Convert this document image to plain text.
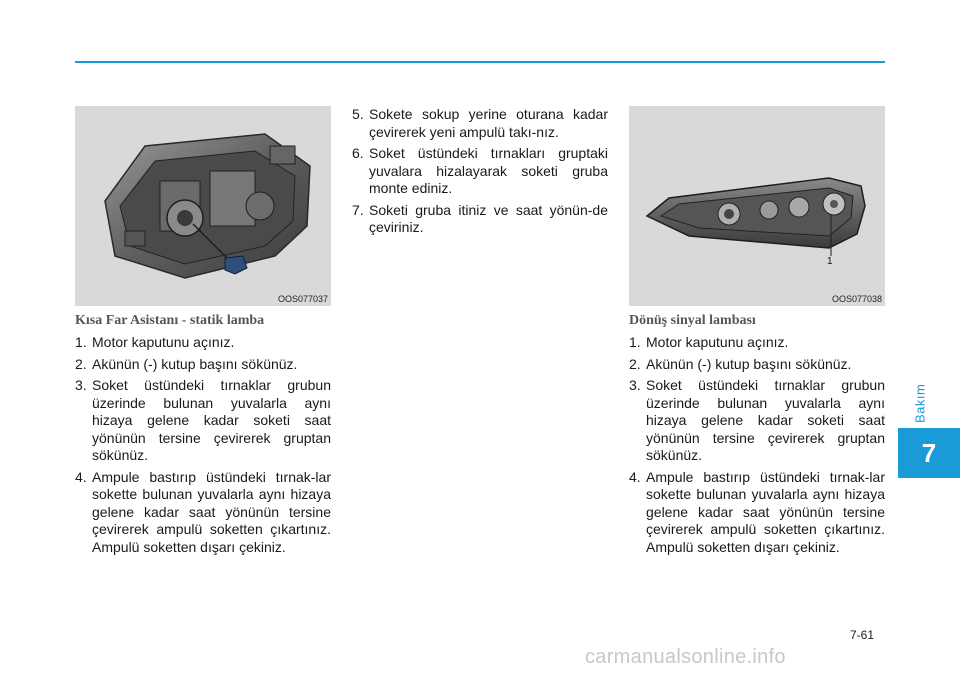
Bakım
7
OOS077037
1
OOS077038
Kısa Far Asistanı - statik lamba
1. Motor kaputunu açınız.
2. Akünün (-) kutup başını sökünüz.
3. Soket üstündeki tırnaklar grubun üzerinde bulunan yuvalarla aynı hizaya gelene kadar soketi saat yönünün tersine çevirerek gruptan sökünüz.
4. Ampule bastırıp üstündeki tırnak-lar sokette bulunan yuvalarla aynı hizaya gelene kadar saat yönünün tersine çevirerek ampulü soketten çıkartınız. Ampulü soketten dışarı çekiniz.
5. Sokete sokup yerine oturana kadar çevirerek yeni ampulü takı-nız.
6. Soket üstündeki tırnakları gruptaki yuvalara hizalayarak soketi gruba monte ediniz.
7. Soketi gruba itiniz ve saat yönün-de çeviriniz.
Dönüş sinyal lambası
1. Motor kaputunu açınız.
2. Akünün (-) kutup başını sökünüz.
3. Soket üstündeki tırnaklar grubun üzerinde bulunan yuvalarla aynı hizaya gelene kadar soketi saat yönünün tersine çevirerek gruptan sökünüz.
4. Ampule bastırıp üstündeki tırnak-lar sokette bulunan yuvalarla aynı hizaya gelene kadar saat yönünün tersine çevirerek ampulü soketten çıkartınız. Ampulü soketten dışarı çekiniz.
7-61
carmanualsonline.info
